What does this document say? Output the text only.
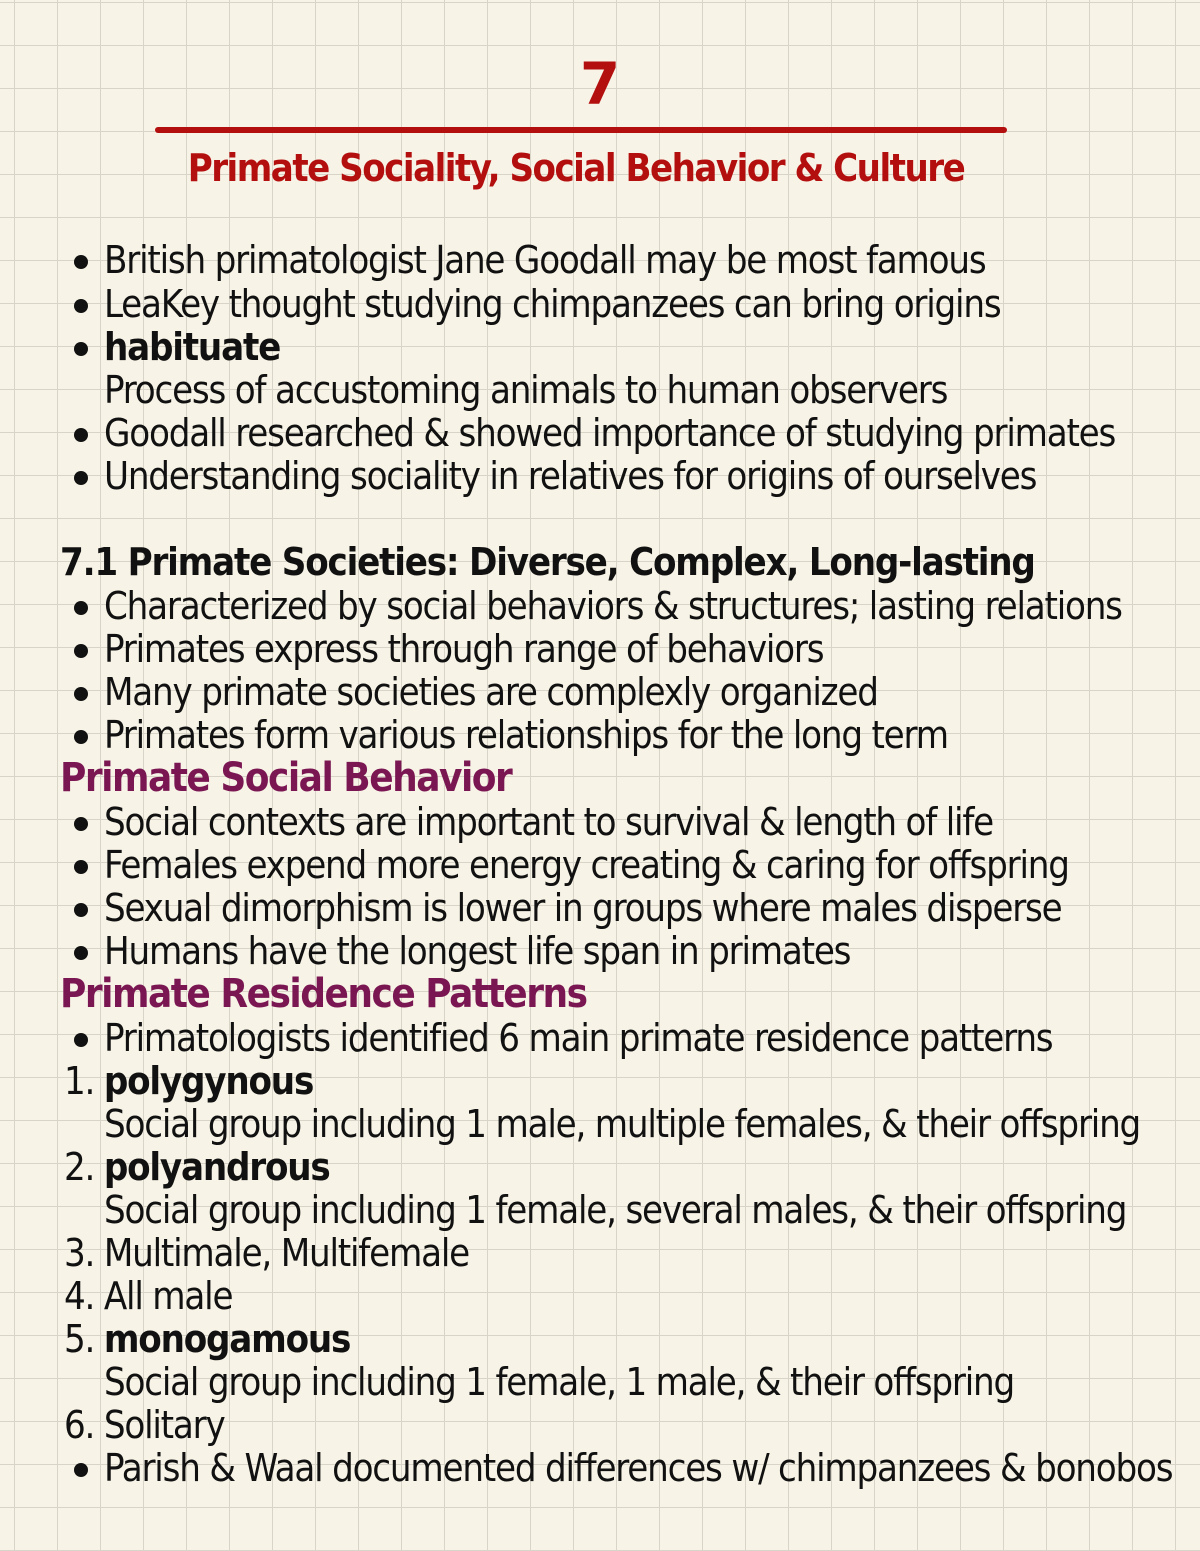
7
Primate Sociality, Social Behavior & Culture
British primatologist Jane Goodall may be most famous
LeaKey thought studying chimpanzees can bring origins
habituate
Process of accustoming animals to human observers
Goodall researched & showed importance of studying primates
Understanding sociality in relatives for origins of ourselves
7.1 Primate Societies: Diverse, Complex, Long-lasting
Characterized by social behaviors & structures; lasting relations
Primates express through range of behaviors
Many primate societies are complexly organized
Primates form various relationships for the long term
Primate Social Behavior
Social contexts are important to survival & length of life
Females expend more energy creating & caring for offspring
Sexual dimorphism is lower in groups where males disperse
Humans have the longest life span in primates
Primate Residence Patterns
Primatologists identified 6 main primate residence patterns
1. polygynous
Social group including 1 male, multiple females, & their offspring
2. polyandrous
Social group including 1 female, several males, & their offspring
3. Multimale, Multifemale
4. All male
5. monogamous
Social group including 1 female, 1 male, & their offspring
6. Solitary
Parish & Waal documented differences w/ chimpanzees & bonobos
